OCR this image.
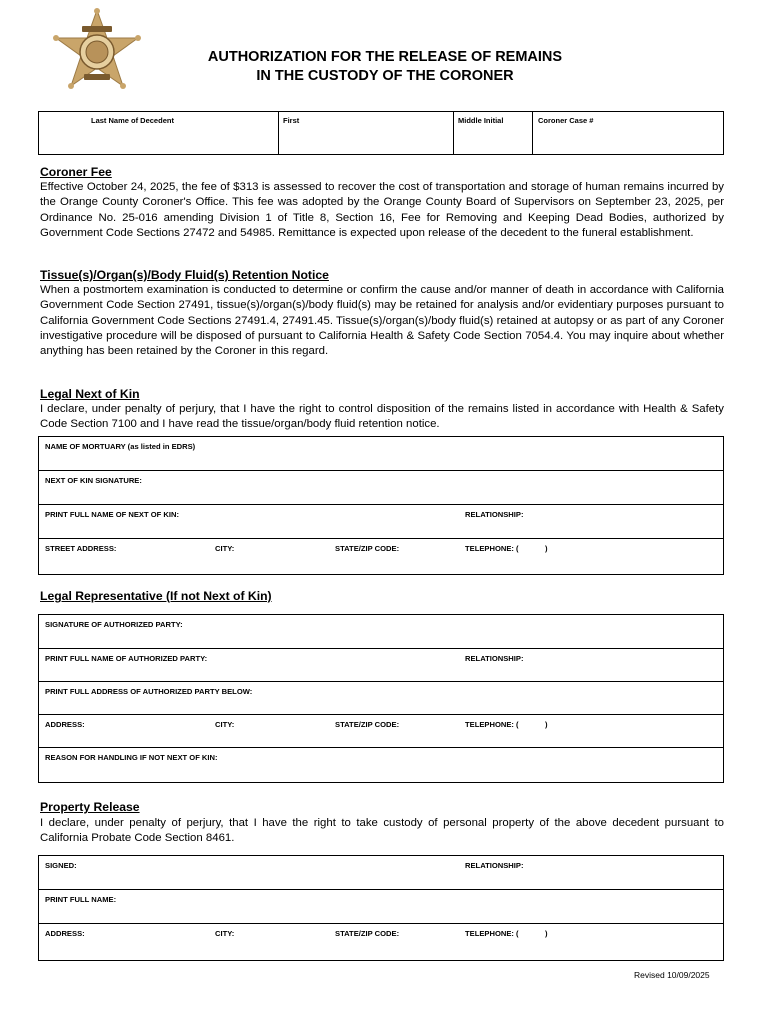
AUTHORIZATION FOR THE RELEASE OF REMAINS
IN THE CUSTODY OF THE CORONER
Last Name of Decedent	First	Middle Initial	Coroner Case #
Coroner Fee
Effective October 24, 2025, the fee of $313 is assessed to recover the cost of transportation and storage of human remains incurred by the Orange County Coroner's Office. This fee was adopted by the Orange County Board of Supervisors on September 23, 2025, per Ordinance No. 25-016 amending Division 1 of Title 8, Section 16, Fee for Removing and Keeping Dead Bodies, authorized by Government Code Sections 27472 and 54985. Remittance is expected upon release of the decedent to the funeral establishment.
Tissue(s)/Organ(s)/Body Fluid(s) Retention Notice
When a postmortem examination is conducted to determine or confirm the cause and/or manner of death in accordance with California Government Code Section 27491, tissue(s)/organ(s)/body fluid(s) may be retained for analysis and/or evidentiary purposes pursuant to California Government Code Sections 27491.4, 27491.45. Tissue(s)/organ(s)/body fluid(s) retained at autopsy or as part of any Coroner investigative procedure will be disposed of pursuant to California Health & Safety Code Section 7054.4. You may inquire about whether anything has been retained by the Coroner in this regard.
Legal Next of Kin
I declare, under penalty of perjury, that I have the right to control disposition of the remains listed in accordance with Health & Safety Code Section 7100 and I have read the tissue/organ/body fluid retention notice.
NAME OF MORTUARY (as listed in EDRS)
NEXT OF KIN SIGNATURE:
PRINT FULL NAME OF NEXT OF KIN:	RELATIONSHIP:
STREET ADDRESS:	CITY:	STATE/ZIP CODE:	TELEPHONE: (	)
Legal Representative (If not Next of Kin)
SIGNATURE OF AUTHORIZED PARTY:
PRINT FULL NAME OF AUTHORIZED PARTY:	RELATIONSHIP:
PRINT FULL ADDRESS OF AUTHORIZED PARTY BELOW:
ADDRESS:	CITY:	STATE/ZIP CODE:	TELEPHONE: (	)
REASON FOR HANDLING IF NOT NEXT OF KIN:
Property Release
I declare, under penalty of perjury, that I have the right to take custody of personal property of the above decedent pursuant to California Probate Code Section 8461.
SIGNED:	RELATIONSHIP:
PRINT FULL NAME:
ADDRESS:	CITY:	STATE/ZIP CODE:	TELEPHONE: (	)
Revised 10/09/2025
